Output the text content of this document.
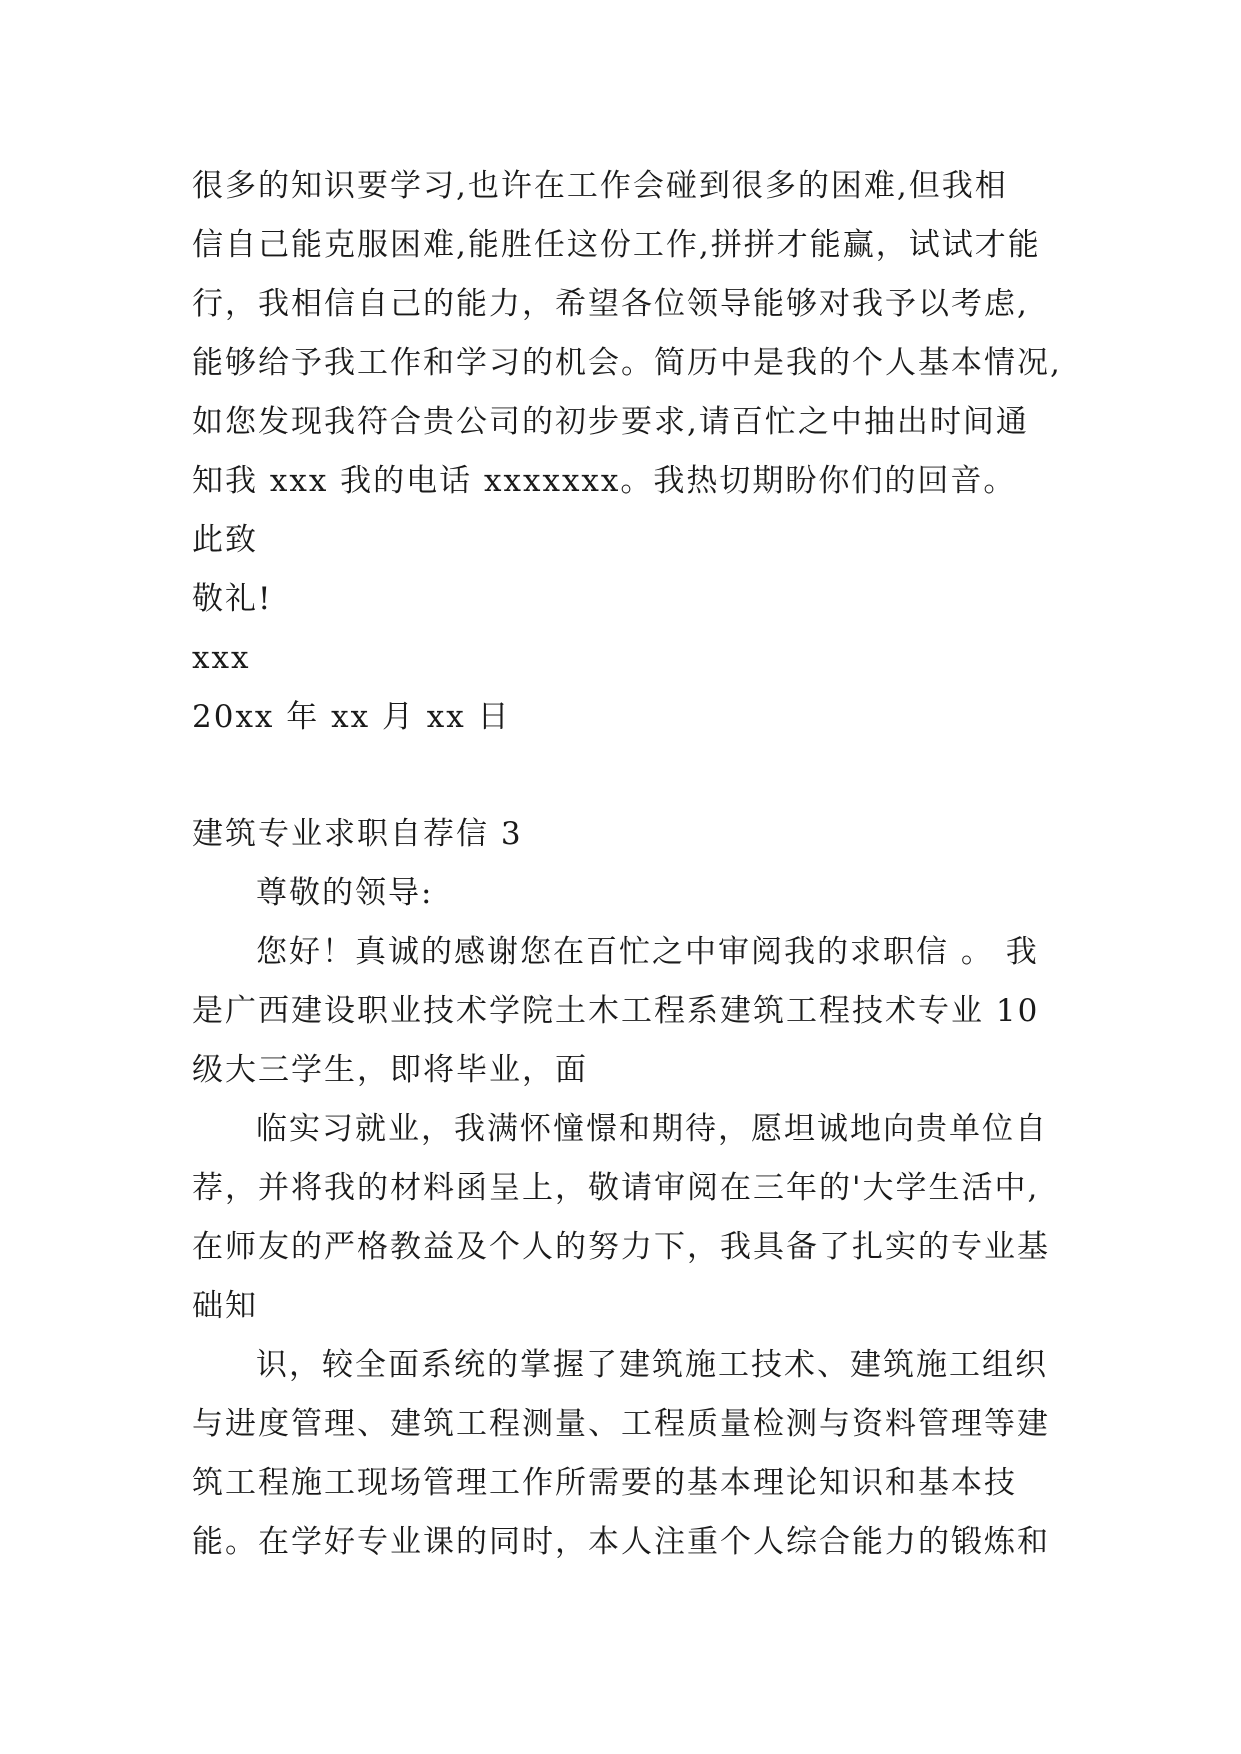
很多的知识要学习,也许在工作会碰到很多的困难,但我相
信自己能克服困难,能胜任这份工作,拼拼才能赢，试试才能
行，我相信自己的能力，希望各位领导能够对我予以考虑,
能够给予我工作和学习的机会。简历中是我的个人基本情况,
如您发现我符合贵公司的初步要求,请百忙之中抽出时间通
知我 xxx 我的电话 xxxxxxx。我热切期盼你们的回音。
此致
敬礼!
xxx
20xx 年 xx 月 xx 日
建筑专业求职自荐信 3
尊敬的领导:
您好！真诚的感谢您在百忙之中审阅我的求职信 。 我
是广西建设职业技术学院土木工程系建筑工程技术专业 10
级大三学生，即将毕业，面
临实习就业，我满怀憧憬和期待，愿坦诚地向贵单位自
荐，并将我的材料函呈上，敬请审阅在三年的'大学生活中,
在师友的严格教益及个人的努力下，我具备了扎实的专业基
础知
识，较全面系统的掌握了建筑施工技术、建筑施工组织
与进度管理、建筑工程测量、工程质量检测与资料管理等建
筑工程施工现场管理工作所需要的基本理论知识和基本技
能。在学好专业课的同时，本人注重个人综合能力的锻炼和
